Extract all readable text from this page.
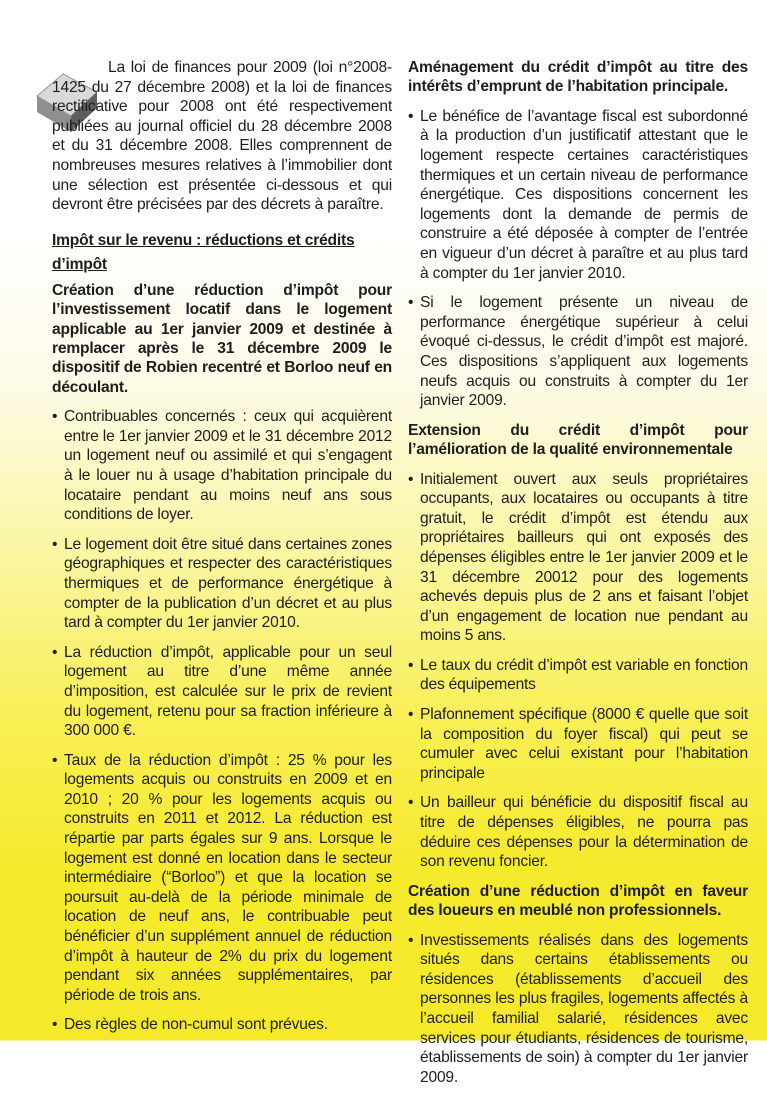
La loi de finances pour 2009 (loi n°2008-1425 du 27 décembre 2008) et la loi de finances rectificative pour 2008 ont été respectivement publiées au journal officiel du 28 décembre 2008 et du 31 décembre 2008. Elles comprennent de nombreuses mesures relatives à l’immobilier dont une sélection est présentée ci-dessous et qui devront être précisées par des décrets à paraître.

Impôt sur le revenu : réductions et crédits d’impôt
Création d’une réduction d’impôt pour l’investissement locatif dans le logement applicable au 1er janvier 2009 et destinée à remplacer après le 31 décembre 2009 le dispositif de Robien recentré et Borloo neuf en découlant.
• Contribuables concernés : ceux qui acquièrent entre le 1er janvier 2009 et le 31 décembre 2012 un logement neuf ou assimilé et qui s’engagent à le louer nu à usage d’habitation principale du locataire pendant au moins neuf ans sous conditions de loyer.
• Le logement doit être situé dans certaines zones géographiques et respecter des caractéristiques thermiques et de performance énergétique à compter de la publication d’un décret et au plus tard à compter du 1er janvier 2010.
• La réduction d’impôt, applicable pour un seul logement au titre d’une même année d’imposition, est calculée sur le prix de revient du logement, retenu pour sa fraction inférieure à 300 000 €.
• Taux de la réduction d’impôt : 25 % pour les logements acquis ou construits en 2009 et en 2010 ; 20 % pour les logements acquis ou construits en 2011 et 2012. La réduction est répartie par parts égales sur 9 ans. Lorsque le logement est donné en location dans le secteur intermédiaire (“Borloo”) et que la location se poursuit au-delà de la période minimale de location de neuf ans, le contribuable peut bénéficier d’un supplément annuel de réduction d’impôt à hauteur de 2% du prix du logement pendant six années supplémentaires, par période de trois ans.
• Des règles de non-cumul sont prévues.
Aménagement du crédit d’impôt au titre des intérêts d’emprunt de l’habitation principale.
• Le bénéfice de l’avantage fiscal est subordonné à la production d’un justificatif attestant que le logement respecte certaines caractéristiques thermiques et un certain niveau de performance énergétique. Ces dispositions concernent les logements dont la demande de permis de construire a été déposée à compter de l’entrée en vigueur d’un décret à paraître et au plus tard à compter du 1er janvier 2010.
• Si le logement présente un niveau de performance énergétique supérieur à celui évoqué ci-dessus, le crédit d’impôt est majoré. Ces dispositions s’appliquent aux logements neufs acquis ou construits à compter du 1er janvier 2009.
Extension du crédit d’impôt pour l’amélioration de la qualité environnementale
• Initialement ouvert aux seuls propriétaires occupants, aux locataires ou occupants à titre gratuit, le crédit d’impôt est étendu aux propriétaires bailleurs qui ont exposés des dépenses éligibles entre le 1er janvier 2009 et le 31 décembre 20012 pour des logements achevés depuis plus de 2 ans et faisant l’objet d’un engagement de location nue pendant au moins 5 ans.
• Le taux du crédit d’impôt est variable en fonction des équipements
• Plafonnement spécifique (8000 € quelle que soit la composition du foyer fiscal) qui peut se cumuler avec celui existant pour l’habitation principale
• Un bailleur qui bénéficie du dispositif fiscal au titre de dépenses éligibles, ne pourra pas déduire ces dépenses pour la détermination de son revenu foncier.
Création d’une réduction d’impôt en faveur des loueurs en meublé non professionnels.
• Investissements réalisés dans des logements situés dans certains établissements ou résidences (établissements d’accueil des personnes les plus fragiles, logements affectés à l’accueil familial salarié, résidences avec services pour étudiants, résidences de tourisme, établissements de soin) à compter du 1er janvier 2009.
